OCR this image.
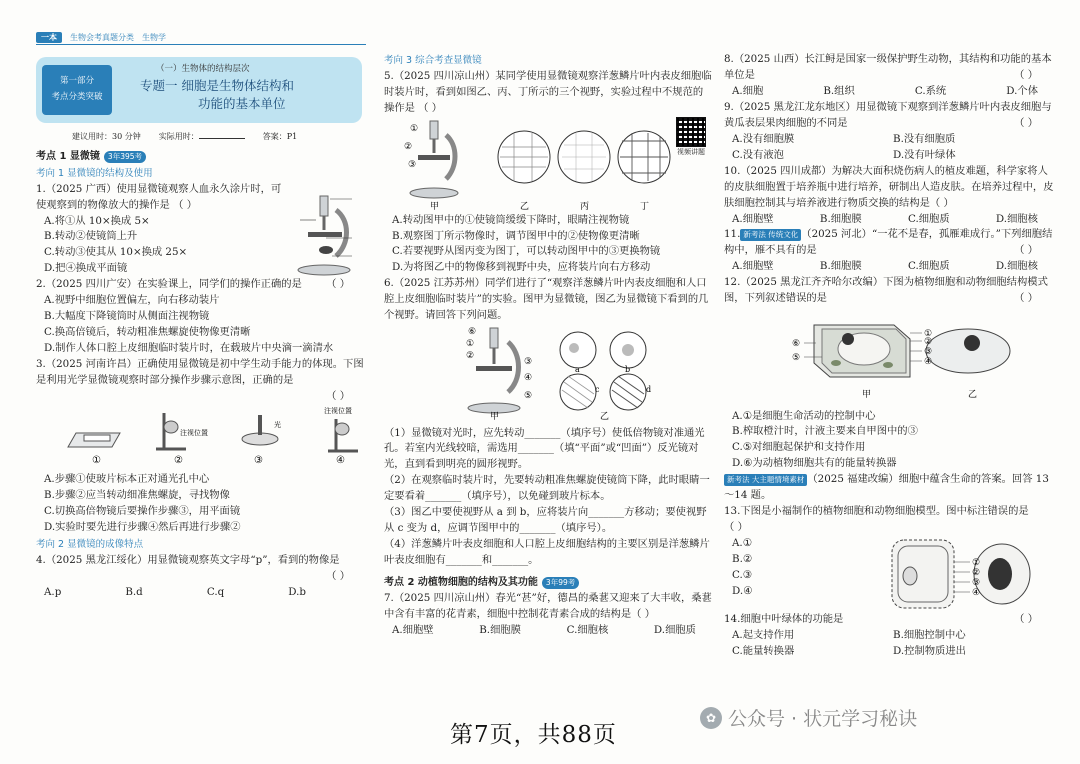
一本	生物会考真题分类 生物学
第一部分
考点分类突破
（一）生物体的结构层次
专题一 细胞是生物体结构和
功能的基本单位
建议用时：30 分钟 实际用时：	答案：P1
考点 1 显微镜 3年395考
考向 1 显微镜的结构及使用
1.（2025 广西）使用显微镜观察人血永久涂片时，可使观察到的物像放大的操作是 （ ）
A.将①从 10×换成 5×
B.转动②使镜筒上升
C.转动③使其从 10×换成 25×
D.把④换成平面镜
2.（2025 四川广安）在实验课上，同学们的操作正确的是 （ ）
A.视野中细胞位置偏左，向右移动装片
B.大幅度下降镜筒时从侧面注视物镜
C.换高倍镜后，转动粗准焦螺旋使物像更清晰
D.制作人体口腔上皮细胞临时装片时，在载玻片中央滴一滴清水
3.（2025 河南许昌）正确使用显微镜是初中学生动手能力的体现。下图是利用光学显微镜观察时部分操作步骤示意图，正确的是
（ ）
①	②	③	④
注视位置
注视位置
光
A.步骤①使玻片标本正对通光孔中心
B.步骤②应当转动细准焦螺旋，寻找物像
C.切换高倍物镜后要操作步骤③，用平面镜
D.实验时要先进行步骤④然后再进行步骤②
考向 2 显微镜的成像特点
4.（2025 黑龙江绥化）用显微镜观察英文字母“p”，看到的物像是
（ ）
A.p	B.d	C.q	D.b
考向 3 综合考查显微镜
5.（2025 四川凉山州）某同学使用显微镜观察洋葱鳞片叶内表皮细胞临时装片时，看到如图乙、丙、丁所示的三个视野，实验过程中不规范的操作是 （ ）
①
②
③
甲	乙	丙	丁
视频讲题
A.转动图甲中的①使镜筒缓缓下降时，眼睛注视物镜
B.观察图丁所示物像时，调节图甲中的②使物像更清晰
C.若要视野从图丙变为图丁，可以转动图甲中的③更换物镜
D.为将图乙中的物像移到视野中央，应将装片向右方移动
6.（2025 江苏苏州）同学们进行了“观察洋葱鳞片叶内表皮细胞和人口腔上皮细胞临时装片”的实验。图甲为显微镜，图乙为显微镜下看到的几个视野。请回答下列问题。
⑥
①
②
③
④
⑤
a	b
c	d
甲	乙
（1）显微镜对光时，应先转动_______（填序号）使低倍物镜对准通光孔。若室内光线较暗，需选用_______（填“平面”或“凹面”）反光镜对光，直到看到明亮的圆形视野。
（2）在观察临时装片时，先要转动粗准焦螺旋使镜筒下降，此时眼睛一定要看着_______（填序号），以免碰到玻片标本。
（3）图乙中要使视野从 a 到 b，应将装片向_______方移动；要使视野从 c 变为 d，应调节图甲中的_______（填序号）。
（4）洋葱鳞片叶表皮细胞和人口腔上皮细胞结构的主要区别是洋葱鳞片叶表皮细胞有_______和_______。
考点 2 动植物细胞的结构及其功能 3年99考
7.（2025 四川凉山州）春光“甚”好，德昌的桑葚又迎来了大丰收，桑葚中含有丰富的花青素，细胞中控制花青素合成的结构是（ ）
A.细胞壁	B.细胞膜	C.细胞核	D.细胞质
8.（2025 山西）长江鲟是国家一级保护野生动物，其结构和功能的基本单位是	（ ）
A.细胞	B.组织	C.系统	D.个体
9.（2025 黑龙江龙东地区）用显微镜下观察到洋葱鳞片叶内表皮细胞与黄瓜表层果肉细胞的不同是	（ ）
A.没有细胞膜	B.没有细胞质
C.没有液泡	D.没有叶绿体
10.（2025 四川成都）为解决大面积烧伤病人的植皮难题，科学家将人的皮肤细胞置于培养瓶中进行培养，研制出人造皮肤。在培养过程中，皮肤细胞控制其与培养液进行物质交换的结构是（ ）
A.细胞壁	B.细胞膜	C.细胞质	D.细胞核
11. 新考法 传统文化 （2025 河北）“一花不是春，孤雁难成行。”下列细胞结构中，雁不具有的是	（ ）
A.细胞壁	B.细胞膜	C.细胞质	D.细胞核
12.（2025 黑龙江齐齐哈尔改编）下图为植物细胞和动物细胞结构模式图，下列叙述错误的是	（ ）
①
②
③
④
⑤
⑥
甲	乙
A.①是细胞生命活动的控制中心
B.榨取橙汁时，汁液主要来自甲图中的③
C.⑤对细胞起保护和支持作用
D.⑥为动植物细胞共有的能量转换器
新考法 大主题情境素材 （2025 福建改编）细胞中蕴含生命的答案。回答 13～14 题。
13.下图是小福制作的植物细胞和动物细胞模型。图中标注错误的是 （ ）
A.①
B.②
C.③
D.④
①
②
③
④
14.细胞中叶绿体的功能是	（ ）
A.起支持作用	B.细胞控制中心
C.能量转换器	D.控制物质进出
第7页，共88页
✿ 公众号 · 状元学习秘诀
